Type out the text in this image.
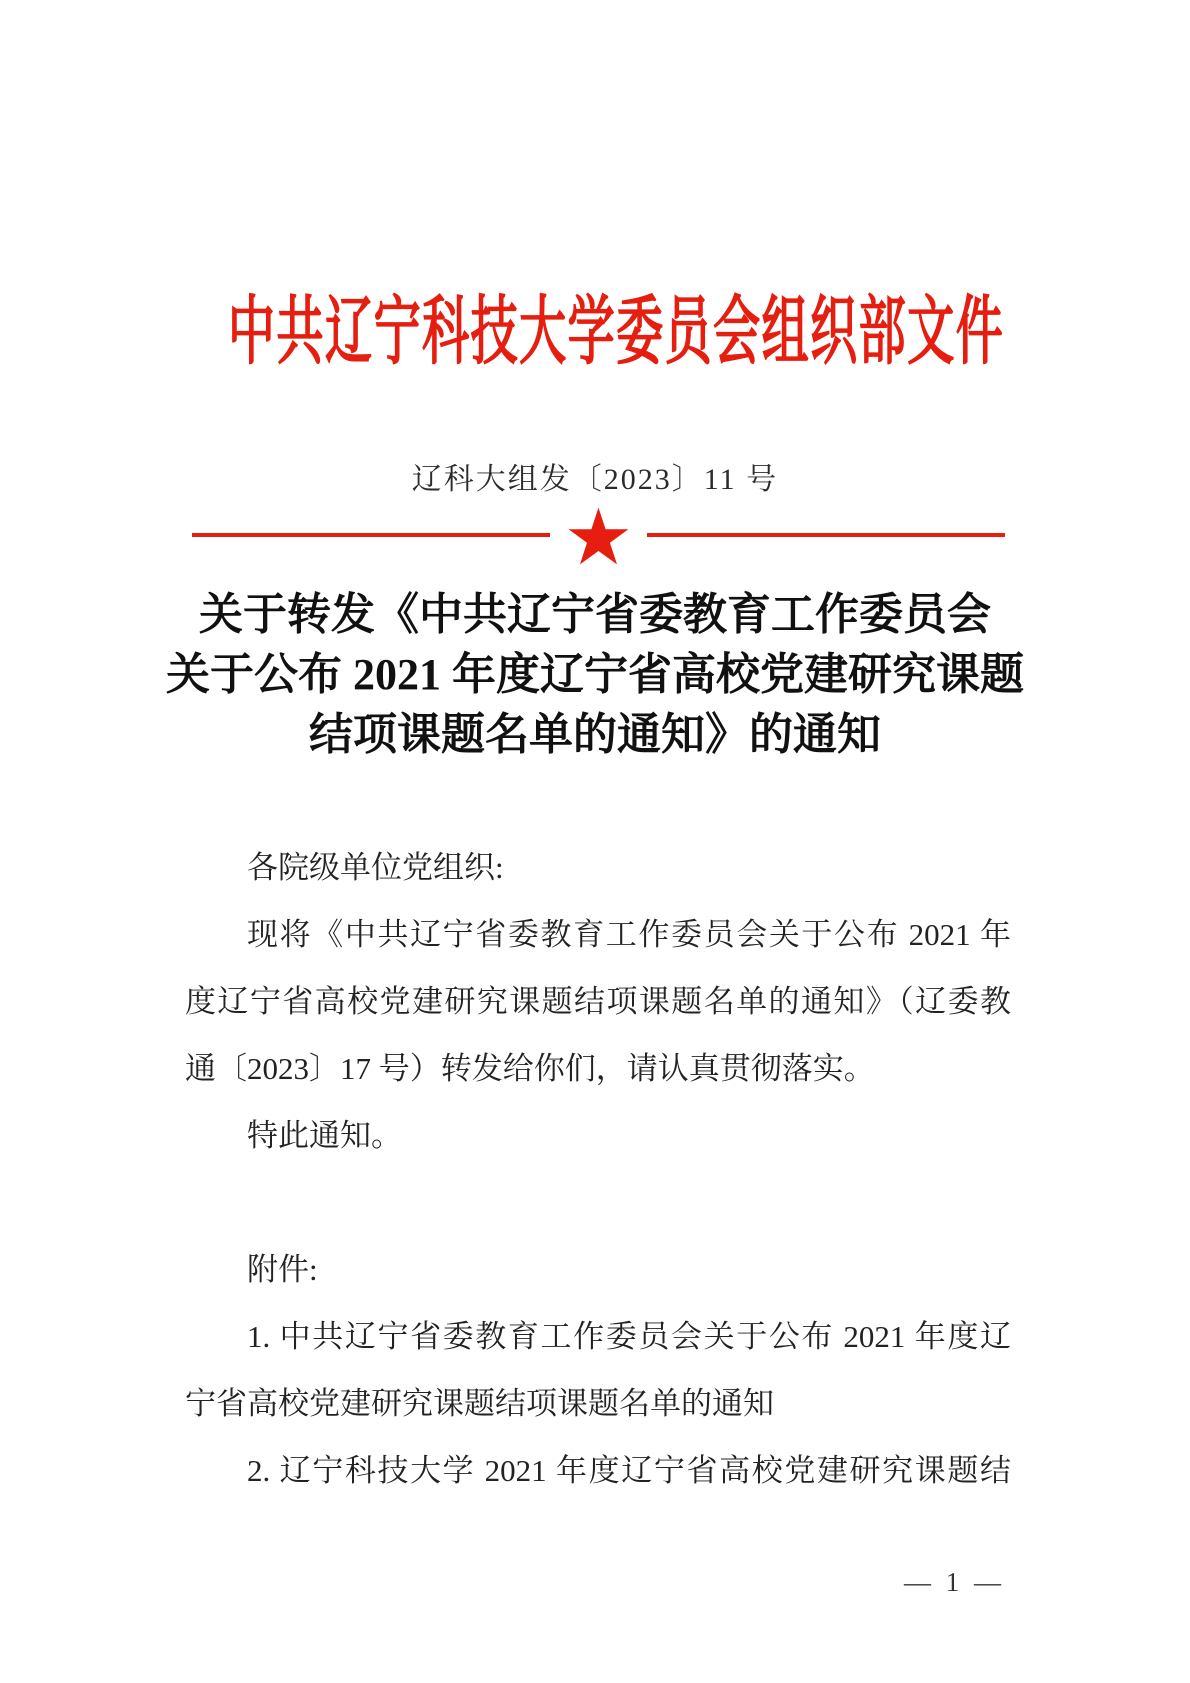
中共辽宁科技大学委员会组织部文件
辽科大组发〔2023〕11 号
★
关于转发《中共辽宁省委教育工作委员会
关于公布 2021 年度辽宁省高校党建研究课题
结项课题名单的通知》的通知
各院级单位党组织:
现将《中共辽宁省委教育工作委员会关于公布 2021 年
度辽宁省高校党建研究课题结项课题名单的通知》（辽委教
通〔2023〕17 号）转发给你们，请认真贯彻落实。
特此通知。
附件:
1. 中共辽宁省委教育工作委员会关于公布 2021 年度辽
宁省高校党建研究课题结项课题名单的通知
2. 辽宁科技大学 2021 年度辽宁省高校党建研究课题结
— 1 —
